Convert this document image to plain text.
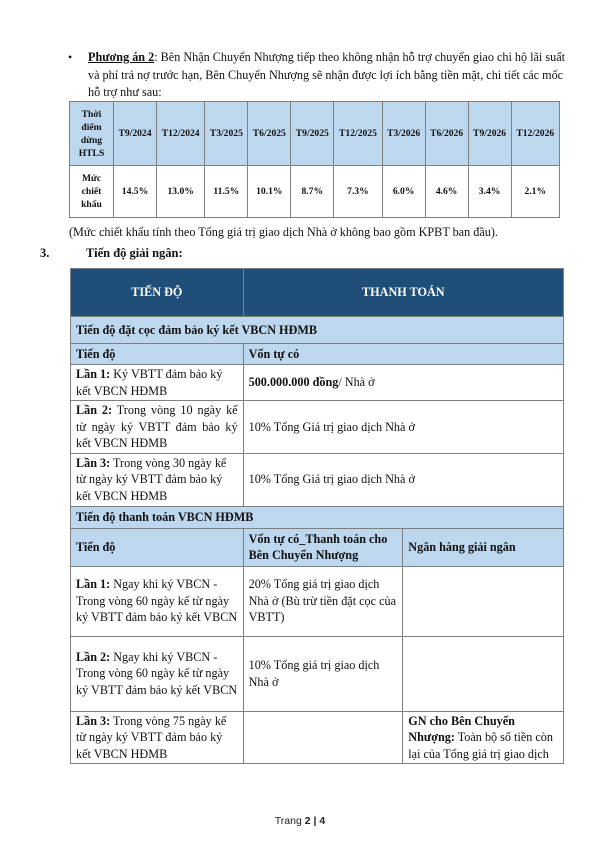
• Phương án 2: Bên Nhận Chuyển Nhượng tiếp theo không nhận hỗ trợ chuyển giao chi hộ lãi suất và phí trả nợ trước hạn, Bên Chuyển Nhượng sẽ nhận được lợi ích bằng tiền mặt, chi tiết các mốc hỗ trợ như sau:
Thời điểm dừng HTLS	T9/2024	T12/2024	T3/2025	T6/2025	T9/2025	T12/2025	T3/2026	T6/2026	T9/2026	T12/2026
Mức chiết khấu	14.5%	13.0%	11.5%	10.1%	8.7%	7.3%	6.0%	4.6%	3.4%	2.1%
(Mức chiết khấu tính theo Tổng giá trị giao dịch Nhà ở không bao gồm KPBT ban đầu).
3.	Tiến độ giải ngân:
TIẾN ĐỘ	THANH TOÁN	
Tiến độ đặt cọc đảm bảo ký kết VBCN HĐMB		
Tiến độ	Vốn tự có	
Lần 1: Ký VBTT đảm bảo ký kết VBCN HĐMB	500.000.000 đồng/ Nhà ở	
Lần 2: Trong vòng 10 ngày kể từ ngày ký VBTT đảm bảo ký kết VBCN HĐMB	10% Tổng Giá trị giao dịch Nhà ở	
Lần 3: Trong vòng 30 ngày kể từ ngày ký VBTT đảm bảo ký kết VBCN HĐMB	10% Tổng Giá trị giao dịch Nhà ở	
Tiến độ thanh toán VBCN HĐMB		
Tiến độ	Vốn tự có_Thanh toán cho Bên Chuyển Nhượng	Ngân hàng giải ngân
Lần 1: Ngay khi ký VBCN - Trong vòng 60 ngày kể từ ngày ký VBTT đảm bảo ký kết VBCN	20% Tổng giá trị giao dịch Nhà ở (Bù trừ tiền đặt cọc của VBTT)	
Lần 2: Ngay khi ký VBCN - Trong vòng 60 ngày kể từ ngày ký VBTT đảm bảo ký kết VBCN	10% Tổng giá trị giao dịch Nhà ở	
Lần 3: Trong vòng 75 ngày kể từ ngày ký VBTT đảm bảo ký kết VBCN HĐMB		GN cho Bên Chuyển Nhượng: Toàn bộ số tiền còn lại của Tổng giá trị giao dịch
Trang 2 | 4
